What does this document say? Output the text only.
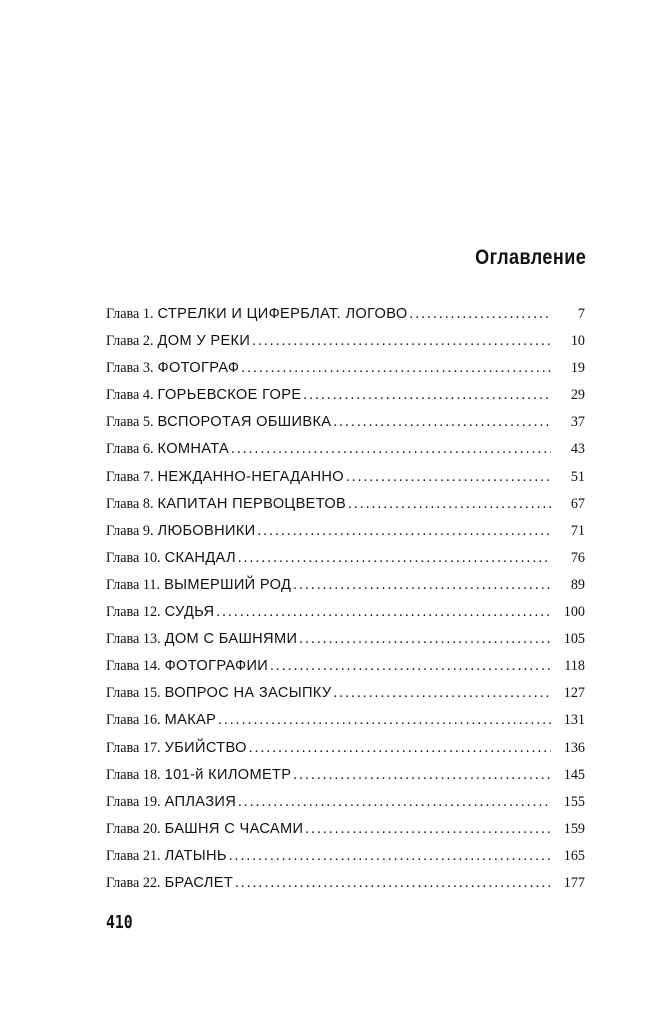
Оглавление
Глава 1. СТРЕЛКИ И ЦИФЕРБЛАТ. ЛОГОВО . . .	7
Глава 2. ДОМ У РЕКИ . . .	10
Глава 3. ФОТОГРАФ . . .	19
Глава 4. ГОРЬЕВСКОЕ ГОРЕ . . .	29
Глава 5. ВСПОРОТАЯ ОБШИВКА . . .	37
Глава 6. КОМНАТА . . .	43
Глава 7. НЕЖДАННО-НЕГАДАННО . . .	51
Глава 8. КАПИТАН ПЕРВОЦВЕТОВ . . .	67
Глава 9. ЛЮБОВНИКИ . . .	71
Глава 10. СКАНДАЛ . . .	76
Глава 11. ВЫМЕРШИЙ РОД . . .	89
Глава 12. СУДЬЯ . . .	100
Глава 13. ДОМ С БАШНЯМИ . . .	105
Глава 14. ФОТОГРАФИИ . . .	118
Глава 15. ВОПРОС НА ЗАСЫПКУ . . .	127
Глава 16. МАКАР . . .	131
Глава 17. УБИЙСТВО . . .	136
Глава 18. 101-й КИЛОМЕТР . . .	145
Глава 19. АПЛАЗИЯ . . .	155
Глава 20. БАШНЯ С ЧАСАМИ . . .	159
Глава 21. ЛАТЫНЬ . . .	165
Глава 22. БРАСЛЕТ . . .	177
410
